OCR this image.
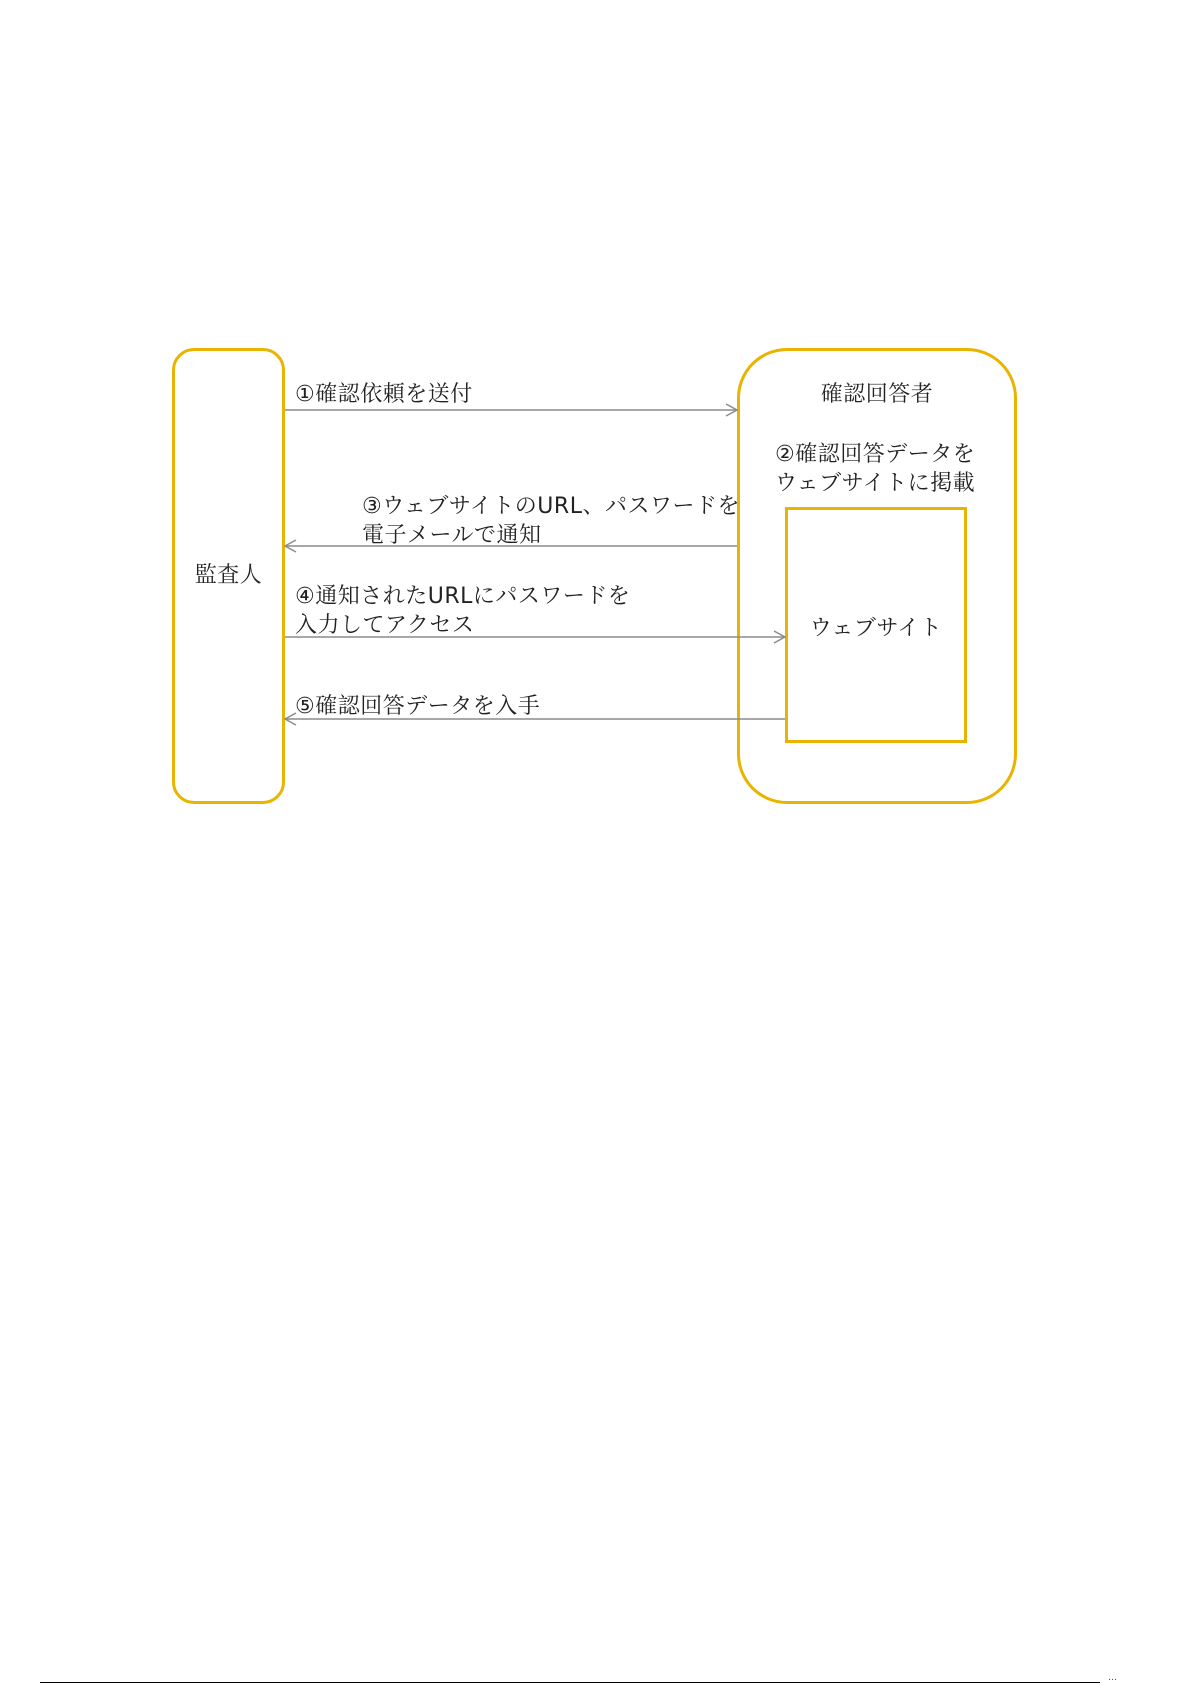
監査人
確認回答者
②確認回答データを
ウェブサイトに掲載
ウェブサイト
①確認依頼を送付
③ウェブサイトのURL、パスワードを
電子メールで通知
④通知されたURLにパスワードを
入力してアクセス
⑤確認回答データを入手
…
